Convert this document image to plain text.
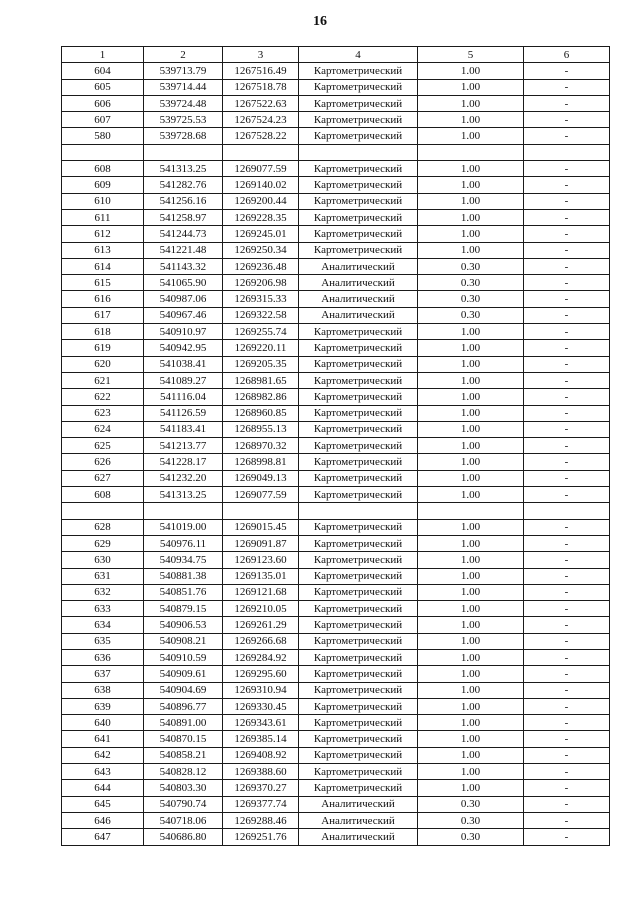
16
1	2	3	4	5	6
604	539713.79	1267516.49	Картометрический	1.00	-
605	539714.44	1267518.78	Картометрический	1.00	-
606	539724.48	1267522.63	Картометрический	1.00	-
607	539725.53	1267524.23	Картометрический	1.00	-
580	539728.68	1267528.22	Картометрический	1.00	-

608	541313.25	1269077.59	Картометрический	1.00	-
609	541282.76	1269140.02	Картометрический	1.00	-
610	541256.16	1269200.44	Картометрический	1.00	-
611	541258.97	1269228.35	Картометрический	1.00	-
612	541244.73	1269245.01	Картометрический	1.00	-
613	541221.48	1269250.34	Картометрический	1.00	-
614	541143.32	1269236.48	Аналитический	0.30	-
615	541065.90	1269206.98	Аналитический	0.30	-
616	540987.06	1269315.33	Аналитический	0.30	-
617	540967.46	1269322.58	Аналитический	0.30	-
618	540910.97	1269255.74	Картометрический	1.00	-
619	540942.95	1269220.11	Картометрический	1.00	-
620	541038.41	1269205.35	Картометрический	1.00	-
621	541089.27	1268981.65	Картометрический	1.00	-
622	541116.04	1268982.86	Картометрический	1.00	-
623	541126.59	1268960.85	Картометрический	1.00	-
624	541183.41	1268955.13	Картометрический	1.00	-
625	541213.77	1268970.32	Картометрический	1.00	-
626	541228.17	1268998.81	Картометрический	1.00	-
627	541232.20	1269049.13	Картометрический	1.00	-
608	541313.25	1269077.59	Картометрический	1.00	-

628	541019.00	1269015.45	Картометрический	1.00	-
629	540976.11	1269091.87	Картометрический	1.00	-
630	540934.75	1269123.60	Картометрический	1.00	-
631	540881.38	1269135.01	Картометрический	1.00	-
632	540851.76	1269121.68	Картометрический	1.00	-
633	540879.15	1269210.05	Картометрический	1.00	-
634	540906.53	1269261.29	Картометрический	1.00	-
635	540908.21	1269266.68	Картометрический	1.00	-
636	540910.59	1269284.92	Картометрический	1.00	-
637	540909.61	1269295.60	Картометрический	1.00	-
638	540904.69	1269310.94	Картометрический	1.00	-
639	540896.77	1269330.45	Картометрический	1.00	-
640	540891.00	1269343.61	Картометрический	1.00	-
641	540870.15	1269385.14	Картометрический	1.00	-
642	540858.21	1269408.92	Картометрический	1.00	-
643	540828.12	1269388.60	Картометрический	1.00	-
644	540803.30	1269370.27	Картометрический	1.00	-
645	540790.74	1269377.74	Аналитический	0.30	-
646	540718.06	1269288.46	Аналитический	0.30	-
647	540686.80	1269251.76	Аналитический	0.30	-
